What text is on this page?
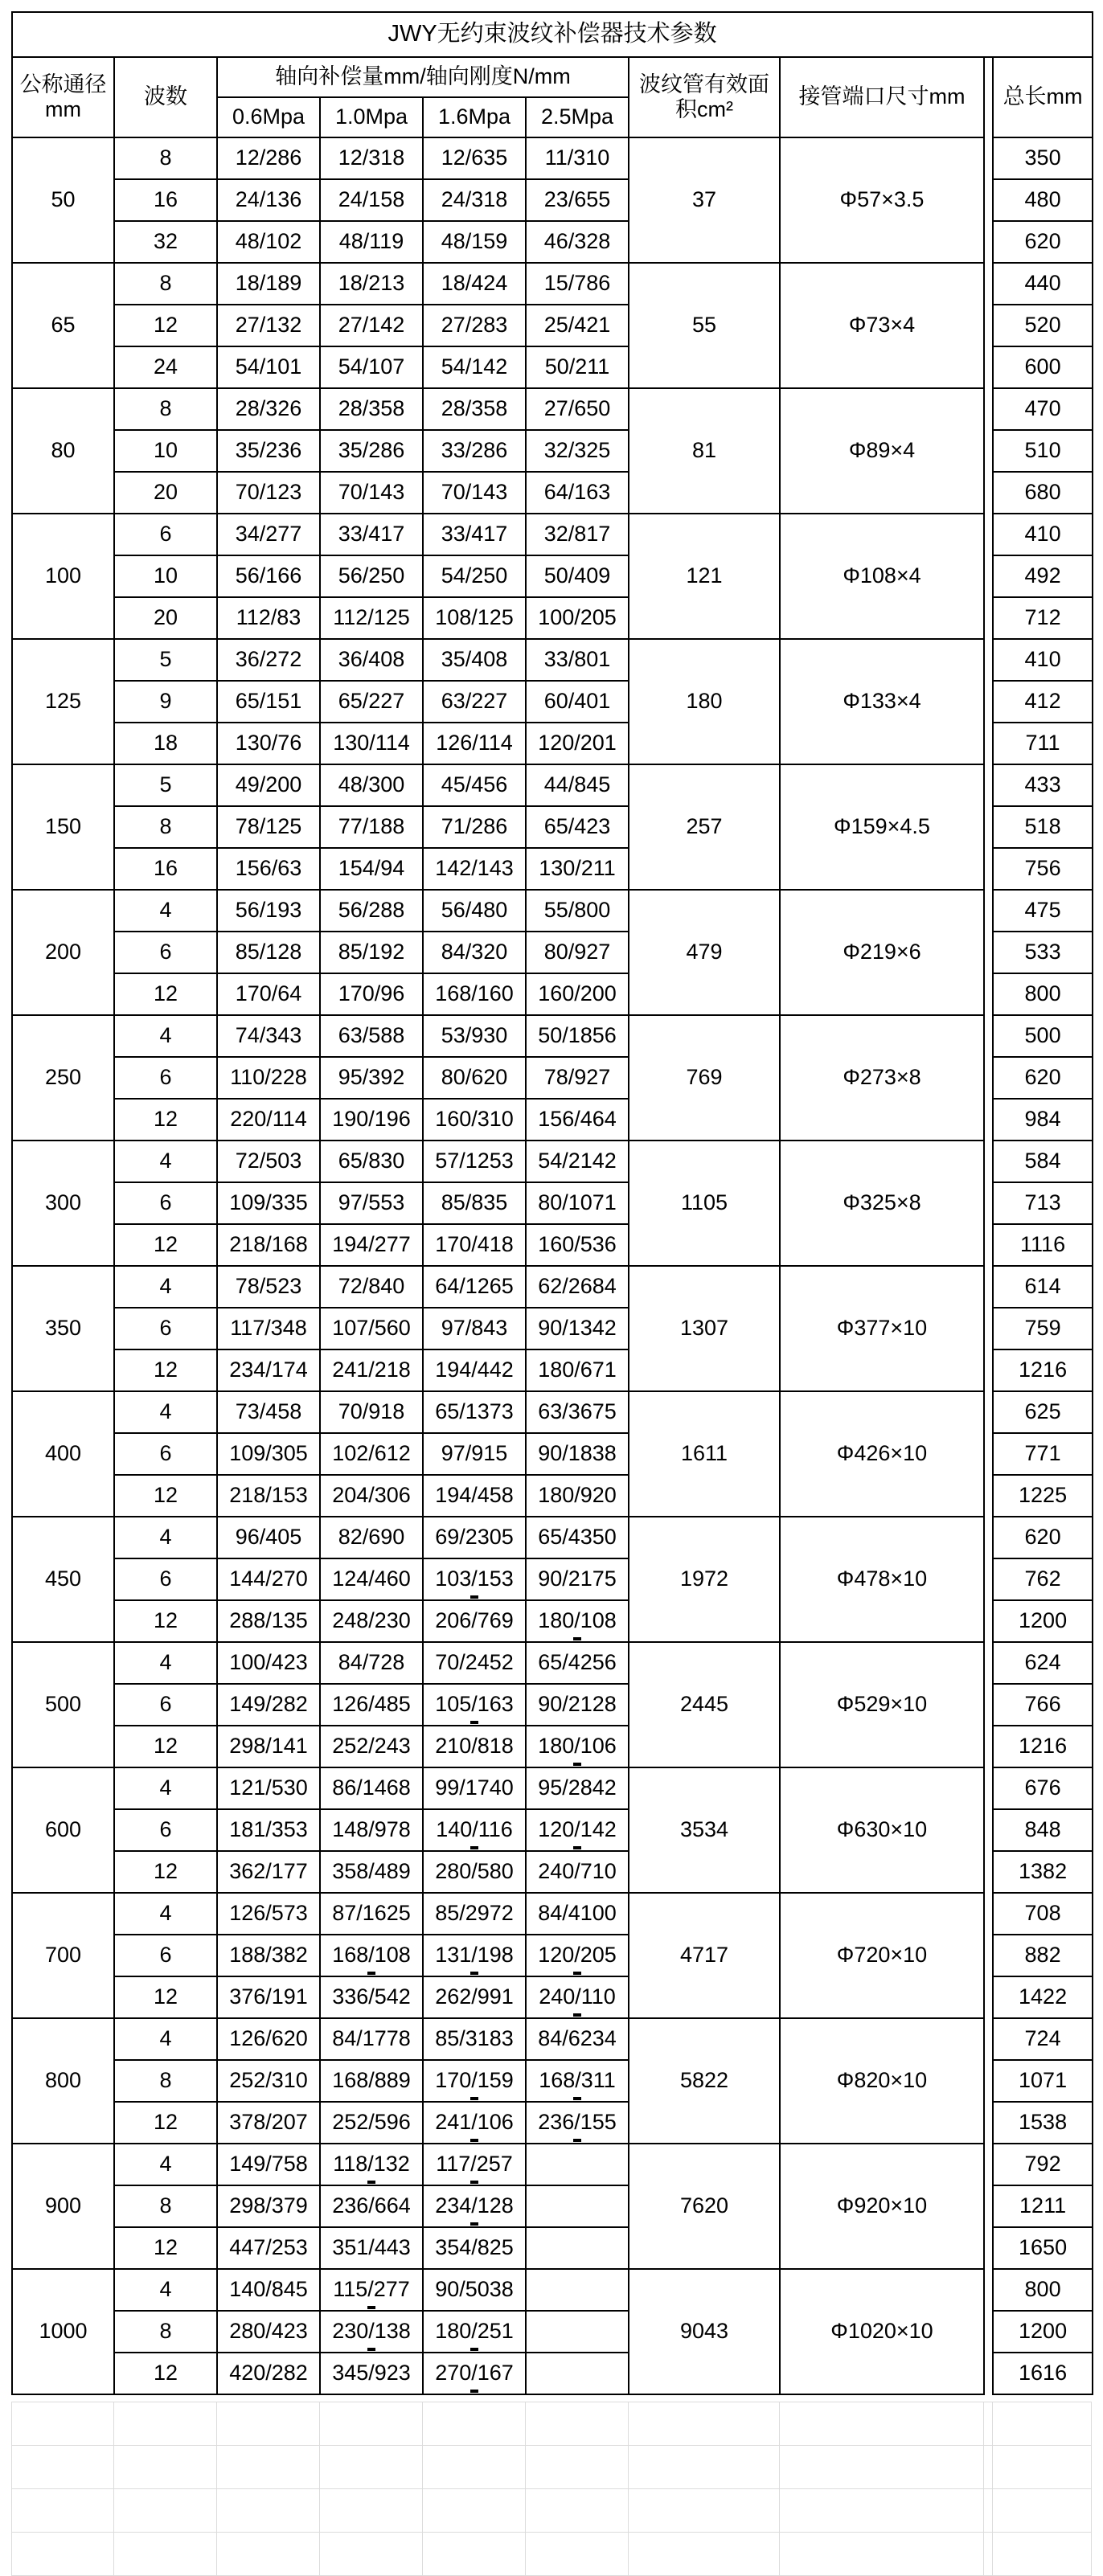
JWY无约束波纹补偿器技术参数									
公称通径mm	波数	轴向补偿量mm/轴向刚度N/mm				波纹管有效面积cm²	接管端口尺寸mm		总长mm
		0.6Mpa	1.0Mpa	1.6Mpa	2.5Mpa				
50	8	12/286	12/318	12/635	11/310	37	Φ57×3.5		350
	16	24/136	24/158	24/318	23/655				480
	32	48/102	48/119	48/159	46/328				620
65	8	18/189	18/213	18/424	15/786	55	Φ73×4		440
	12	27/132	27/142	27/283	25/421				520
	24	54/101	54/107	54/142	50/211				600
80	8	28/326	28/358	28/358	27/650	81	Φ89×4		470
	10	35/236	35/286	33/286	32/325				510
	20	70/123	70/143	70/143	64/163				680
100	6	34/277	33/417	33/417	32/817	121	Φ108×4		410
	10	56/166	56/250	54/250	50/409				492
	20	112/83	112/125	108/125	100/205				712
125	5	36/272	36/408	35/408	33/801	180	Φ133×4		410
	9	65/151	65/227	63/227	60/401				412
	18	130/76	130/114	126/114	120/201				711
150	5	49/200	48/300	45/456	44/845	257	Φ159×4.5		433
	8	78/125	77/188	71/286	65/423				518
	16	156/63	154/94	142/143	130/211				756
200	4	56/193	56/288	56/480	55/800	479	Φ219×6		475
	6	85/128	85/192	84/320	80/927				533
	12	170/64	170/96	168/160	160/200				800
250	4	74/343	63/588	53/930	50/1856	769	Φ273×8		500
	6	110/228	95/392	80/620	78/927				620
	12	220/114	190/196	160/310	156/464				984
300	4	72/503	65/830	57/1253	54/2142	1105	Φ325×8		584
	6	109/335	97/553	85/835	80/1071				713
	12	218/168	194/277	170/418	160/536				1116
350	4	78/523	72/840	64/1265	62/2684	1307	Φ377×10		614
	6	117/348	107/560	97/843	90/1342				759
	12	234/174	241/218	194/442	180/671				1216
400	4	73/458	70/918	65/1373	63/3675	1611	Φ426×10		625
	6	109/305	102/612	97/915	90/1838				771
	12	218/153	204/306	194/458	180/920				1225
450	4	96/405	82/690	69/2305	65/4350	1972	Φ478×10		620
	6	144/270	124/460	103/153	90/2175				762
	12	288/135	248/230	206/769	180/108				1200
500	4	100/423	84/728	70/2452	65/4256	2445	Φ529×10		624
	6	149/282	126/485	105/163	90/2128				766
	12	298/141	252/243	210/818	180/106				1216
600	4	121/530	86/1468	99/1740	95/2842	3534	Φ630×10		676
	6	181/353	148/978	140/116	120/142				848
	12	362/177	358/489	280/580	240/710				1382
700	4	126/573	87/1625	85/2972	84/4100	4717	Φ720×10		708
	6	188/382	168/108	131/198	120/205				882
	12	376/191	336/542	262/991	240/110				1422
800	4	126/620	84/1778	85/3183	84/6234	5822	Φ820×10		724
	8	252/310	168/889	170/159	168/311				1071
	12	378/207	252/596	241/106	236/155				1538
900	4	149/758	118/132	117/257		7620	Φ920×10		792
	8	298/379	236/664	234/128					1211
	12	447/253	351/443	354/825					1650
1000	4	140/845	115/277	90/5038		9043	Φ1020×10		800
	8	280/423	230/138	180/251					1200
	12	420/282	345/923	270/167					1616
